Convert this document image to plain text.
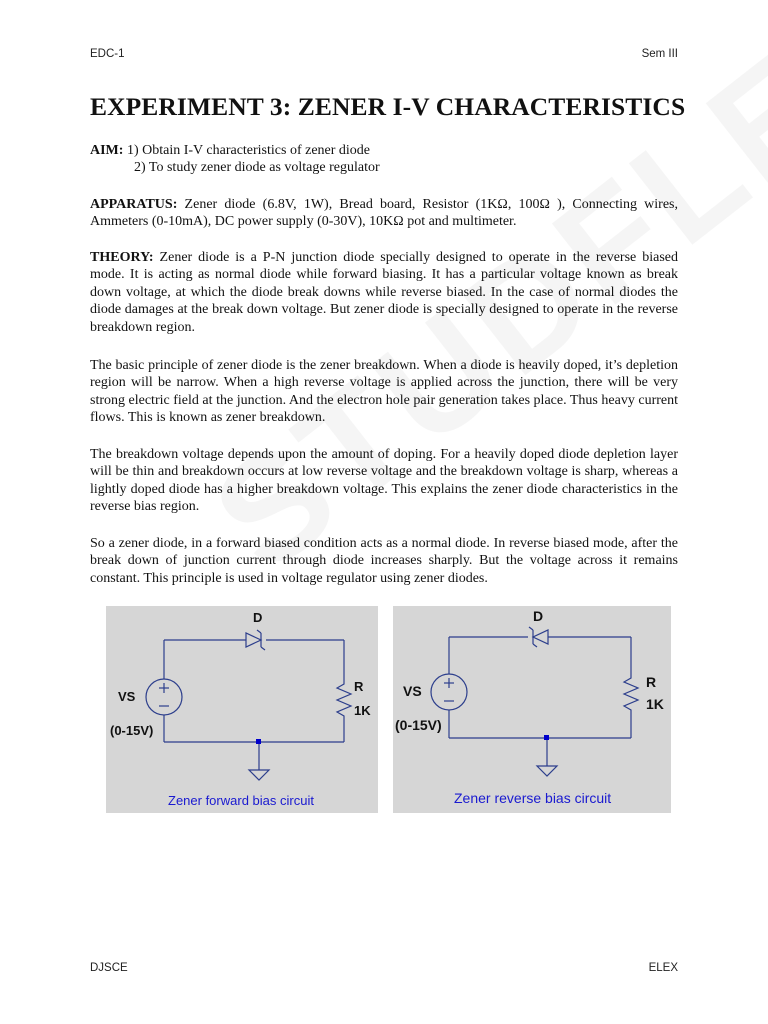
EDC-1	Sem III
EXPERIMENT 3: ZENER I-V CHARACTERISTICS
AIM: 1) Obtain I-V characteristics of zener diode
2) To study zener diode as voltage regulator
APPARATUS: Zener diode (6.8V, 1W), Bread board, Resistor (1KΩ, 100Ω ), Connecting wires, Ammeters (0-10mA), DC power supply (0-30V), 10KΩ pot and multimeter.
THEORY: Zener diode is a P-N junction diode specially designed to operate in the reverse biased mode. It is acting as normal diode while forward biasing. It has a particular voltage known as break down voltage, at which the diode break downs while reverse biased. In the case of normal diodes the diode damages at the break down voltage. But zener diode is specially designed to operate in the reverse breakdown region.
The basic principle of zener diode is the zener breakdown. When a diode is heavily doped, it’s depletion region will be narrow. When a high reverse voltage is applied across the junction, there will be very strong electric field at the junction. And the electron hole pair generation takes place. Thus heavy current flows. This is known as zener breakdown.
The breakdown voltage depends upon the amount of doping. For a heavily doped diode depletion layer will be thin and breakdown occurs at low reverse voltage and the breakdown voltage is sharp, whereas a lightly doped diode has a higher breakdown voltage. This explains the zener diode characteristics in the reverse bias region.
So a zener diode, in a forward biased condition acts as a normal diode. In reverse biased mode, after the break down of junction current through diode increases sharply. But the voltage across it remains constant. This principle is used in voltage regulator using zener diodes.
D
VS
(0-15V)
R
1K
Zener forward bias circuit
D
VS
(0-15V)
R
1K
Zener reverse bias circuit
DJSCE	ELEX
